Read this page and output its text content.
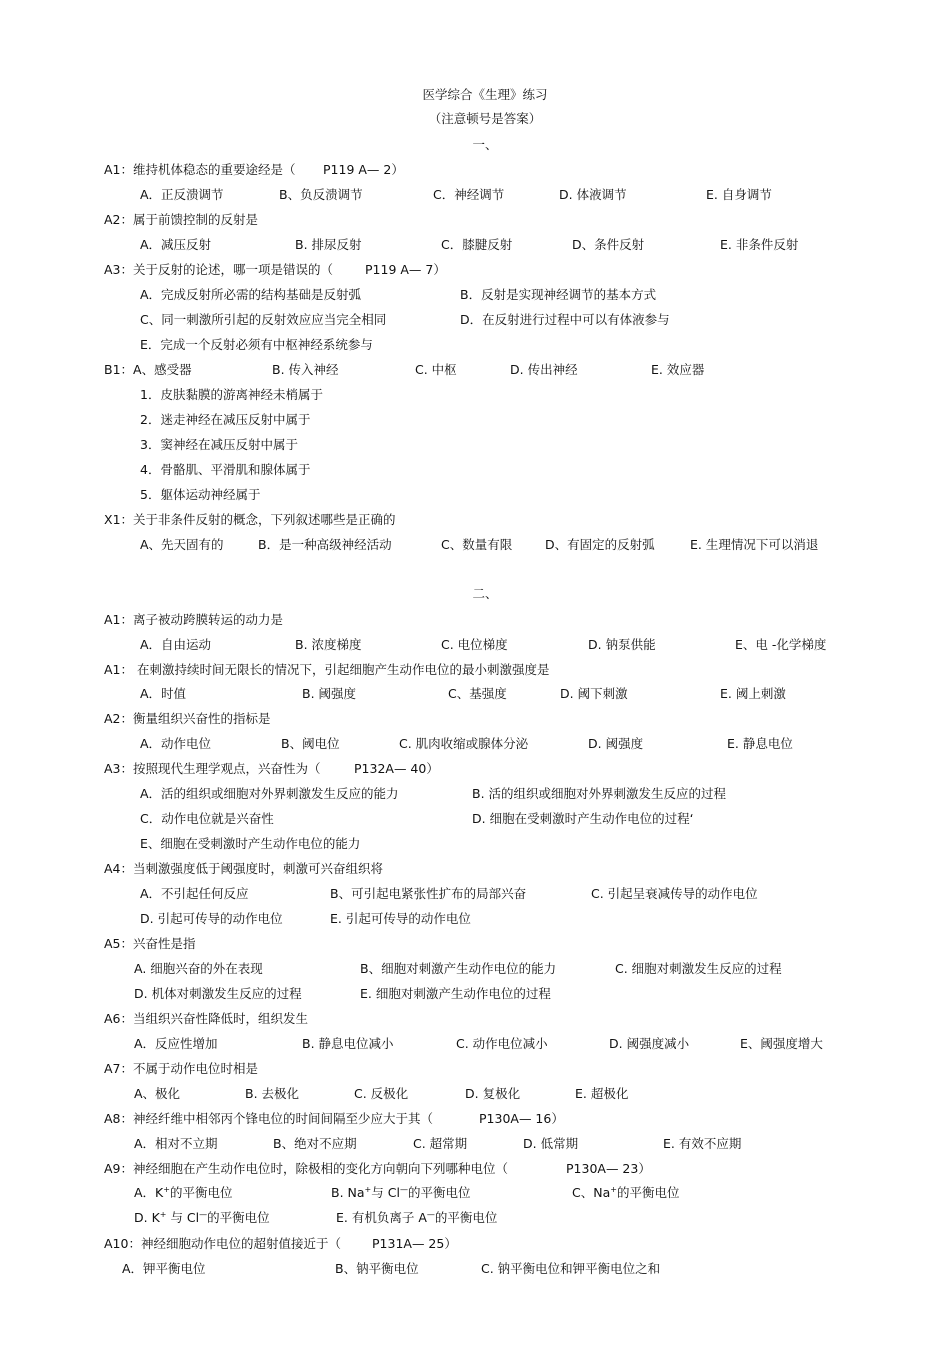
医学综合《生理》练习
（注意顿号是答案）
一、
A1：维持机体稳态的重要途经是（ P119 A— 2）
A．正反溃调节	B、负反溃调节	C．神经调节	D. 体液调节	E. 自身调节
A2：属于前馈控制的反射是
A．减压反射	B. 排尿反射	C．膝腱反射	D、条件反射	E. 非条件反射
A3：关于反射的论述，哪一项是错误的（	P119 A— 7）
A．完成反射所必需的结构基础是反射弧	B．反射是实现神经调节的基本方式
C、同一刺激所引起的反射效应应当完全相同	D．在反射进行过程中可以有体液参与
E．完成一个反射必须有中枢神经系统参与
B1：A、感受器	B. 传入神经	C. 中枢	D. 传出神经	E. 效应器
1．皮肤黏膜的游离神经未梢属于
2．迷走神经在减压反射中属于
3．窦神经在减压反射中属于
4．骨骼肌、平滑肌和腺体属于
5．躯体运动神经属于
X1：关于非条件反射的概念，下列叙述哪些是正确的
A、先天固有的	B．是一种高级神经活动	C、数量有限	D、有固定的反射弧	E. 生理情况下可以消退
二、
A1：离子被动跨膜转运的动力是
A．自由运动	B. 浓度梯度	C. 电位梯度	D. 钠泵供能	E、电 -化学梯度
A1： 在刺激持续时间无限长的情况下，引起细胞产生动作电位的最小刺激强度是
A．时值	B. 阈强度	C、基强度	D. 阈下刺激	E. 阈上刺激
A2：衡量组织兴奋性的指标是
A．动作电位	B、阈电位	C. 肌肉收缩或腺体分泌	D. 阈强度	E. 静息电位
A3：按照现代生理学观点，兴奋性为（	P132A— 40）
A．活的组织或细胞对外界刺激发生反应的能力	B. 活的组织或细胞对外界刺激发生反应的过程
C．动作电位就是兴奋性	D. 细胞在受刺激时产生动作电位的过程‘
E、细胞在受刺激时产生动作电位的能力
A4：当刺激强度低于阈强度时，刺激可兴奋组织将
A．不引起任何反应	B、可引起电紧张性扩布的局部兴奋	C. 引起呈衰减传导的动作电位
D. 引起可传导的动作电位	E. 引起可传导的动作电位
A5：兴奋性是指
A. 细胞兴奋的外在表现	B、细胞对刺激产生动作电位的能力	C. 细胞对刺激发生反应的过程
D. 机体对刺激发生反应的过程	E. 细胞对刺激产生动作电位的过程
A6：当组织兴奋性降低时，组织发生
A．反应性增加	B. 静息电位减小	C. 动作电位减小	D. 阈强度减小	E、阈强度增大
A7：不属于动作电位时相是
A、极化	B. 去极化	C. 反极化	D. 复极化	E. 超极化
A8：神经纤维中相邻丙个锋电位的时间间隔至少应大于其（	P130A— 16）
A．相对不立期	B、绝对不应期	C. 超常期	D. 低常期	E. 有效不应期
A9：神经细胞在产生动作电位时，除极相的变化方向朝向下列哪种电位（	P130A— 23）
A．K+的平衡电位	B. Na+与 Cl—的平衡电位	C、Na+的平衡电位
D. K+ 与 Cl—的平衡电位	E. 有机负离子 A—的平衡电位
A10：神经细胞动作电位的超射值接近于（ P131A— 25）
A．钾平衡电位	B、钠平衡电位	C. 钠平衡电位和钾平衡电位之和
